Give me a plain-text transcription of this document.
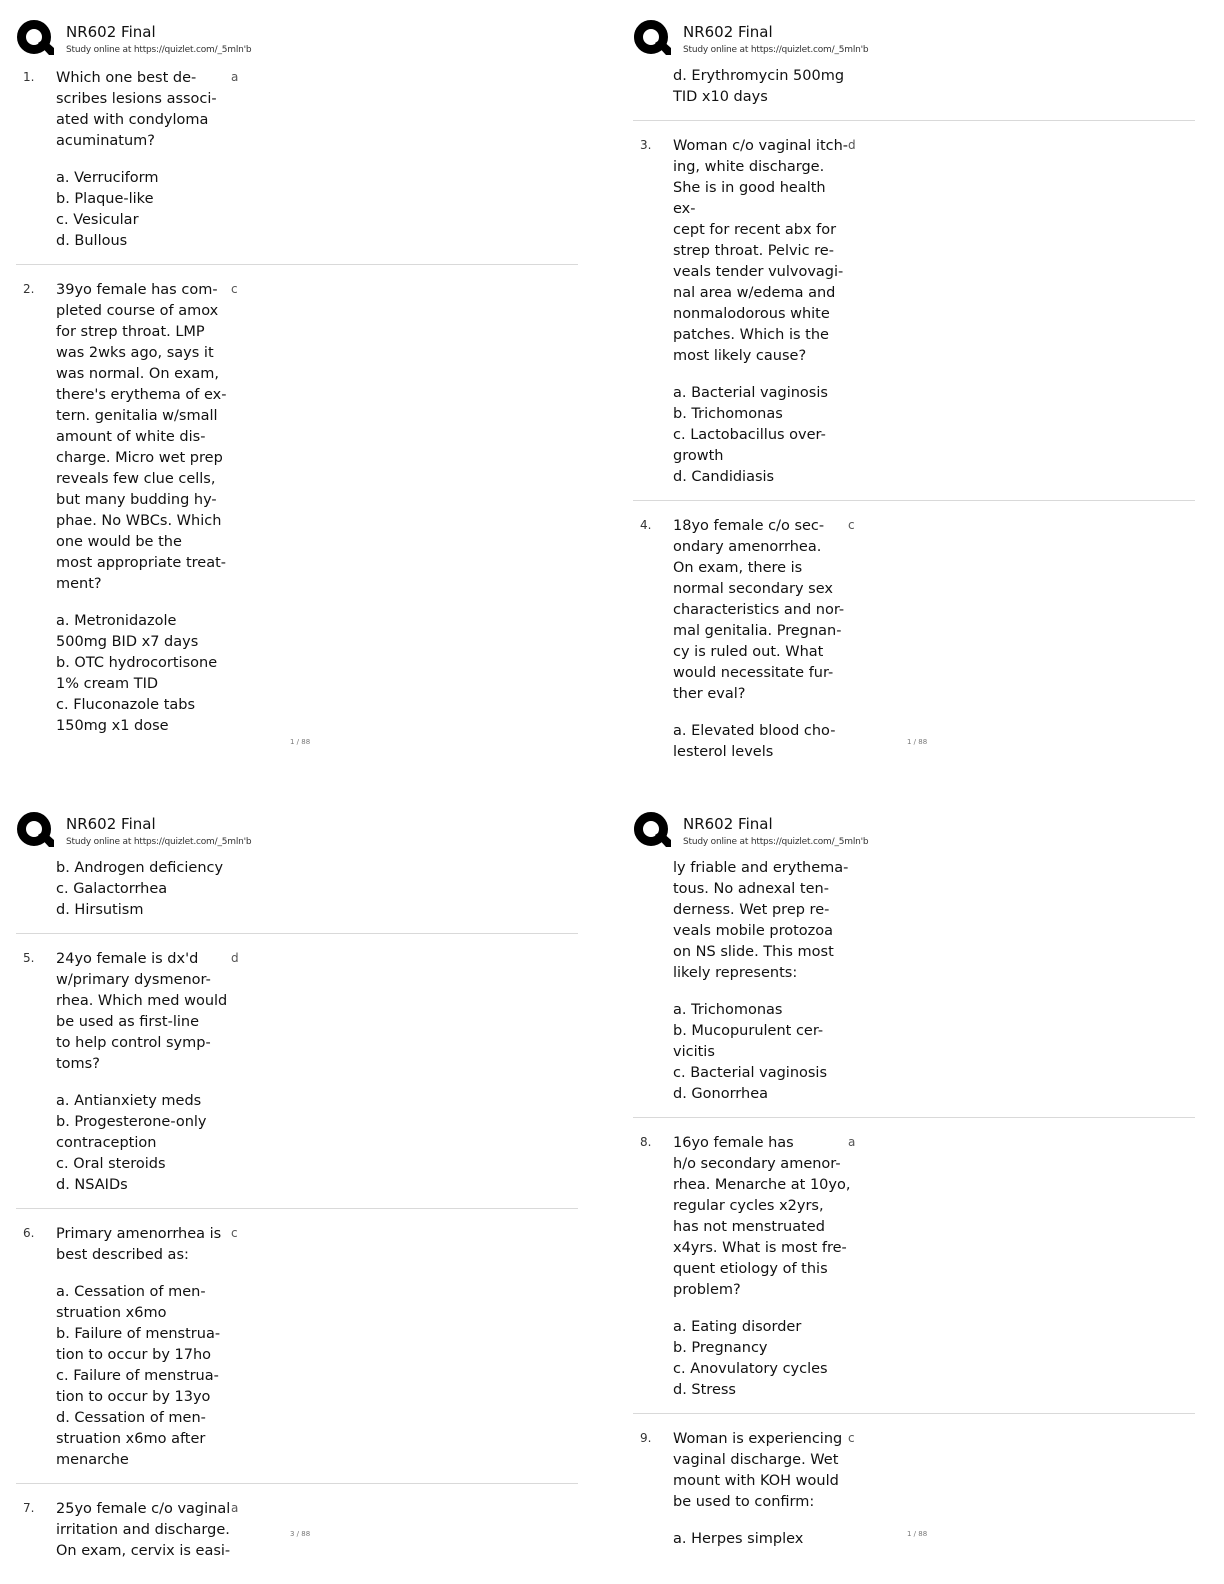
NR602 Final
Study online at https://quizlet.com/_5mln'b
1. Which one best de-
scribes lesions associ-
ated with condyloma
acuminatum?
a. Verruciform
b. Plaque-like
c. Vesicular
d. Bullous
a
2. 39yo female has com-
pleted course of amox
for strep throat. LMP
was 2wks ago, says it
was normal. On exam,
there's erythema of ex-
tern. genitalia w/small
amount of white dis-
charge. Micro wet prep
reveals few clue cells,
but many budding hy-
phae. No WBCs. Which
one would be the
most appropriate treat-
ment?
a. Metronidazole
500mg BID x7 days
b. OTC hydrocortisone
1% cream TID
c. Fluconazole tabs
150mg x1 dose
c
1 / 88
NR602 Final
Study online at https://quizlet.com/_5mln'b
d. Erythromycin 500mg
TID x10 days
3. Woman c/o vaginal itch-
ing, white discharge.
She is in good health ex-
cept for recent abx for
strep throat. Pelvic re-
veals tender vulvovagi-
nal area w/edema and
nonmalodorous white
patches. Which is the
most likely cause?
a. Bacterial vaginosis
b. Trichomonas
c. Lactobacillus over-
growth
d. Candidiasis
d
4. 18yo female c/o sec-
ondary amenorrhea.
On exam, there is
normal secondary sex
characteristics and nor-
mal genitalia. Pregnan-
cy is ruled out. What
would necessitate fur-
ther eval?
a. Elevated blood cho-
lesterol levels
c
1 / 88
NR602 Final
Study online at https://quizlet.com/_5mln'b
b. Androgen deficiency
c. Galactorrhea
d. Hirsutism
5. 24yo female is dx'd
w/primary dysmenor-
rhea. Which med would
be used as first-line
to help control symp-
toms?
a. Antianxiety meds
b. Progesterone-only
contraception
c. Oral steroids
d. NSAIDs
d
6. Primary amenorrhea is
best described as:
a. Cessation of men-
struation x6mo
b. Failure of menstrua-
tion to occur by 17ho
c. Failure of menstrua-
tion to occur by 13yo
d. Cessation of men-
struation x6mo after
menarche
c
7. 25yo female c/o vaginal
irritation and discharge.
On exam, cervix is easi-
a
3 / 88
NR602 Final
Study online at https://quizlet.com/_5mln'b
ly friable and erythema-
tous. No adnexal ten-
derness. Wet prep re-
veals mobile protozoa
on NS slide. This most
likely represents:
a. Trichomonas
b. Mucopurulent cer-
vicitis
c. Bacterial vaginosis
d. Gonorrhea
8. 16yo female has
h/o secondary amenor-
rhea. Menarche at 10yo,
regular cycles x2yrs,
has not menstruated
x4yrs. What is most fre-
quent etiology of this
problem?
a. Eating disorder
b. Pregnancy
c. Anovulatory cycles
d. Stress
a
9. Woman is experiencing
vaginal discharge. Wet
mount with KOH would
be used to confirm:
a. Herpes simplex
c
1 / 88
